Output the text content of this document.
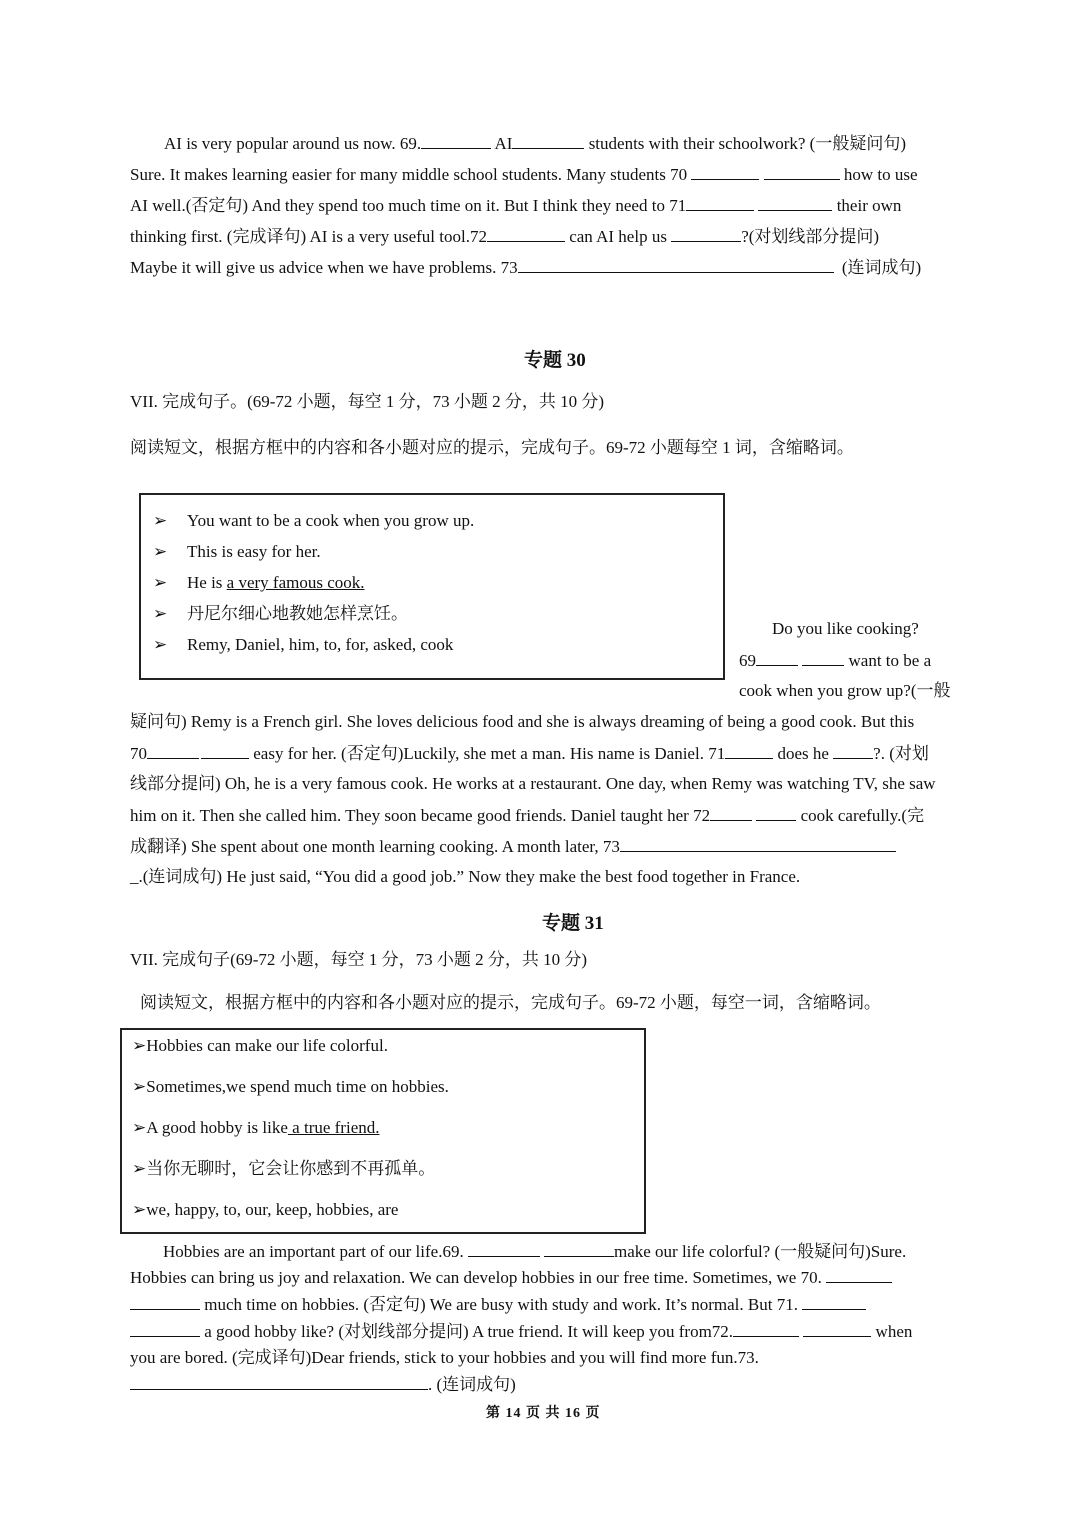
AI is very popular around us now. 69.	AI	students with their schoolwork? (一般疑问句)
Sure. It makes learning easier for many middle school students. Many students 70	how to use
AI well.(否定句) And they spend too much time on it. But I think they need to 71	their own
thinking first. (完成译句) AI is a very useful tool.72	can AI help us	?(对划线部分提问)
Maybe it will give us advice when we have problems. 73	(连词成句)
专题 30
VII. 完成句子。(69-72 小题，每空 1 分，73 小题 2 分，共 10 分)
阅读短文，根据方框中的内容和各小题对应的提示，完成句子。69-72 小题每空 1 词，含缩略词。
➢ You want to be a cook when you grow up.
➢ This is easy for her.
➢ He is a very famous cook.
➢ 丹尼尔细心地教她怎样烹饪。
➢ Remy, Daniel, him, to, for, asked, cook
Do you like cooking?
69	want to be a
cook when you grow up?(一般
疑问句) Remy is a French girl. She loves delicious food and she is always dreaming of being a good cook. But this
70	easy for her. (否定句)Luckily, she met a man. His name is Daniel. 71	does he	?. (对划
线部分提问) Oh, he is a very famous cook. He works at a restaurant. One day, when Remy was watching TV, she saw
him on it. Then she called him. They soon became good friends. Daniel taught her 72	cook carefully.(完
成翻译) She spent about one month learning cooking. A month later, 73
_.(连词成句) He just said, “You did a good job.” Now they make the best food together in France.
专题 31
VII. 完成句子(69-72 小题，每空 1 分，73 小题 2 分，共 10 分)
阅读短文，根据方框中的内容和各小题对应的提示，完成句子。69-72 小题，每空一词，含缩略词。
➢Hobbies can make our life colorful.
➢Sometimes,we spend much time on hobbies.
➢A good hobby is like a true friend.
➢当你无聊时，它会让你感到不再孤单。
➢we, happy, to, our, keep, hobbies, are
Hobbies are an important part of our life.69.	make our life colorful? (一般疑问句)Sure.
Hobbies can bring us joy and relaxation. We can develop hobbies in our free time. Sometimes, we 70.
much time on hobbies. (否定句) We are busy with study and work. It’s normal. But 71.
a good hobby like? (对划线部分提问) A true friend. It will keep you from72.	when
you are bored. (完成译句)Dear friends, stick to your hobbies and you will find more fun.73.
. (连词成句)
第 14 页 共 16 页
